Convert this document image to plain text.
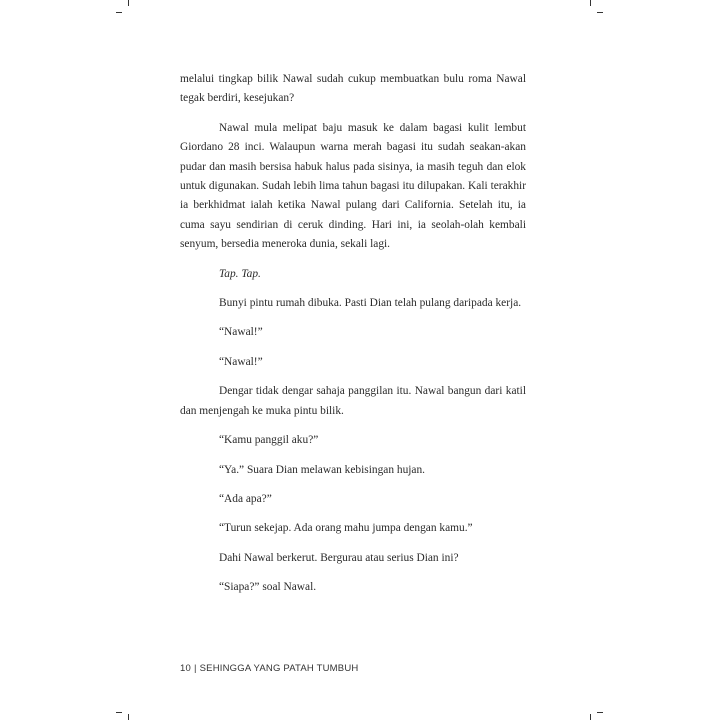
melalui tingkap bilik Nawal sudah cukup membuatkan bulu roma Nawal tegak berdiri, kesejukan?

Nawal mula melipat baju masuk ke dalam bagasi kulit lembut Giordano 28 inci. Walaupun warna merah bagasi itu sudah seakan-akan pudar dan masih bersisa habuk halus pada sisinya, ia masih teguh dan elok untuk digunakan. Sudah lebih lima tahun bagasi itu dilupakan. Kali terakhir ia berkhidmat ialah ketika Nawal pulang dari California. Setelah itu, ia cuma sayu sendirian di ceruk dinding. Hari ini, ia seolah-olah kembali senyum, bersedia meneroka dunia, sekali lagi.

Tap. Tap.

Bunyi pintu rumah dibuka. Pasti Dian telah pulang daripada kerja.

“Nawal!”

“Nawal!”

Dengar tidak dengar sahaja panggilan itu. Nawal bangun dari katil dan menjengah ke muka pintu bilik.

“Kamu panggil aku?”

“Ya.” Suara Dian melawan kebisingan hujan.

“Ada apa?”

“Turun sekejap. Ada orang mahu jumpa dengan kamu.”

Dahi Nawal berkerut. Bergurau atau serius Dian ini?

“Siapa?” soal Nawal.

10 | SEHINGGA YANG PATAH TUMBUH
